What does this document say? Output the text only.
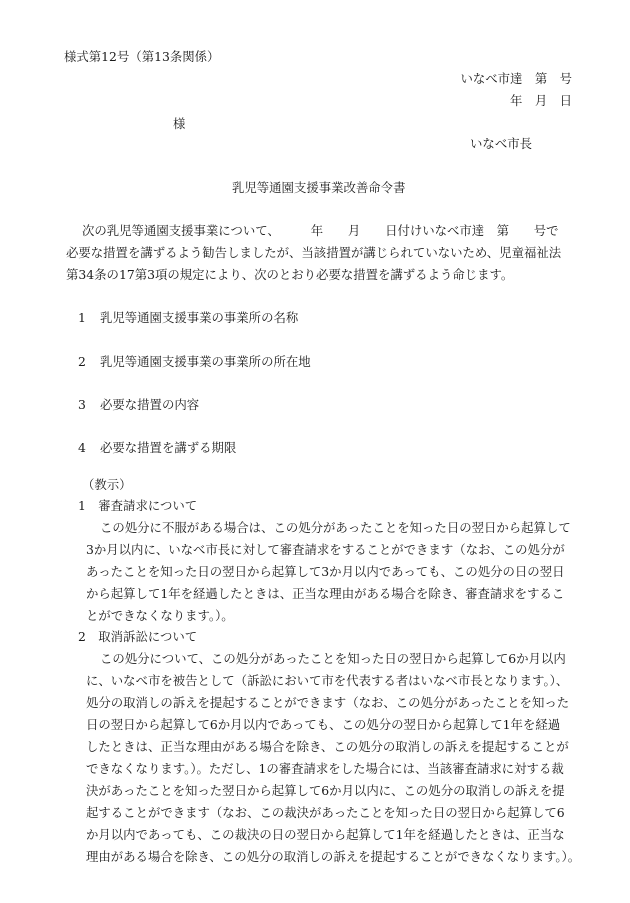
様式第12号（第13条関係）

いなべ市達　第　号

年　月　日

様

いなべ市長

乳児等通園支援事業改善命令書

次の乳児等通園支援事業について、　　　年　　月　　日付けいなべ市達　第　　号で

必要な措置を講ずるよう勧告しましたが、当該措置が講じられていないため、児童福祉法

第34条の17第3項の規定により、次のとおり必要な措置を講ずるよう命じます。

1 乳児等通園支援事業の事業所の名称

2 乳児等通園支援事業の事業所の所在地

3 必要な措置の内容

4 必要な措置を講ずる期限

（教示）

1　審査請求について

この処分に不服がある場合は、この処分があったことを知った日の翌日から起算して

3か月以内に、いなべ市長に対して審査請求をすることができます（なお、この処分が

あったことを知った日の翌日から起算して3か月以内であっても、この処分の日の翌日

から起算して1年を経過したときは、正当な理由がある場合を除き、審査請求をするこ

とができなくなります。）。

2　取消訴訟について

この処分について、この処分があったことを知った日の翌日から起算して6か月以内

に、いなべ市を被告として（訴訟において市を代表する者はいなべ市長となります。）、

処分の取消しの訴えを提起することができます（なお、この処分があったことを知った

日の翌日から起算して6か月以内であっても、この処分の翌日から起算して1年を経過

したときは、正当な理由がある場合を除き、この処分の取消しの訴えを提起することが

できなくなります。）。ただし、1の審査請求をした場合には、当該審査請求に対する裁

決があったことを知った翌日から起算して6か月以内に、この処分の取消しの訴えを提

起することができます（なお、この裁決があったことを知った日の翌日から起算して6

か月以内であっても、この裁決の日の翌日から起算して1年を経過したときは、正当な

理由がある場合を除き、この処分の取消しの訴えを提起することができなくなります。）。
